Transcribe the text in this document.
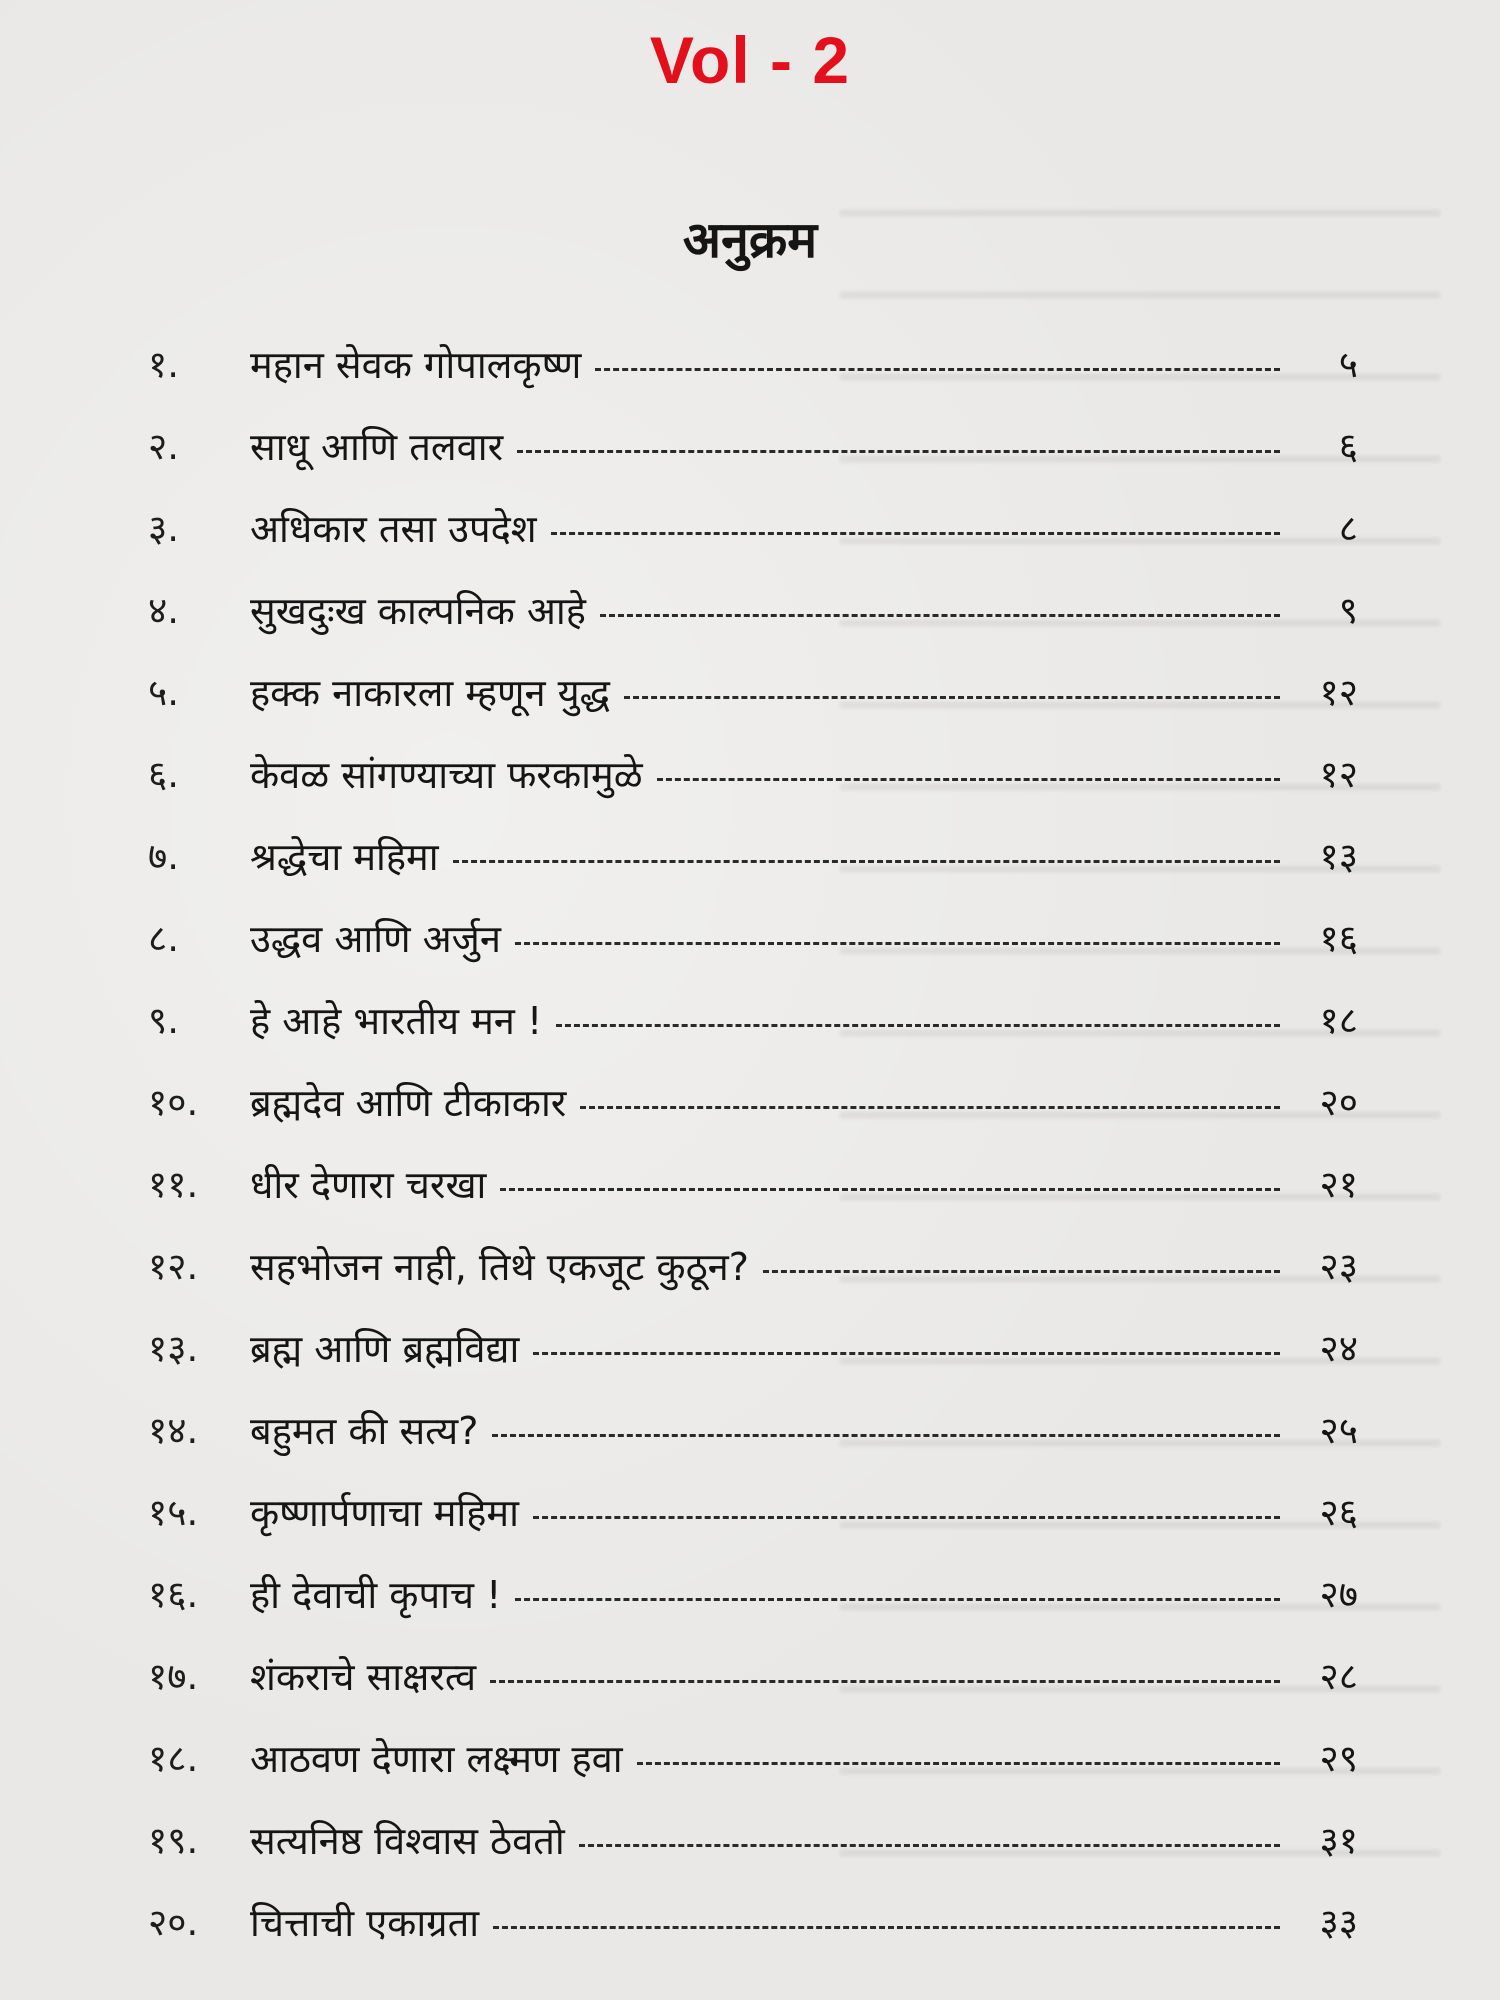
Vol - 2
अनुक्रम
१. महान सेवक गोपालकृष्ण	५
२. साधू आणि तलवार	६
३. अधिकार तसा उपदेश	८
४. सुखदुःख काल्पनिक आहे	९
५. हक्क नाकारला म्हणून युद्ध	१२
६. केवळ सांगण्याच्या फरकामुळे	१२
७. श्रद्धेचा महिमा	१३
८. उद्धव आणि अर्जुन	१६
९. हे आहे भारतीय मन !	१८
१०. ब्रह्मदेव आणि टीकाकार	२०
११. धीर देणारा चरखा	२१
१२. सहभोजन नाही, तिथे एकजूट कुठून?	२३
१३. ब्रह्म आणि ब्रह्मविद्या	२४
१४. बहुमत की सत्य?	२५
१५. कृष्णार्पणाचा महिमा	२६
१६. ही देवाची कृपाच !	२७
१७. शंकराचे साक्षरत्व	२८
१८. आठवण देणारा लक्ष्मण हवा	२९
१९. सत्यनिष्ठ विश्वास ठेवतो	३१
२०. चित्ताची एकाग्रता	३३
